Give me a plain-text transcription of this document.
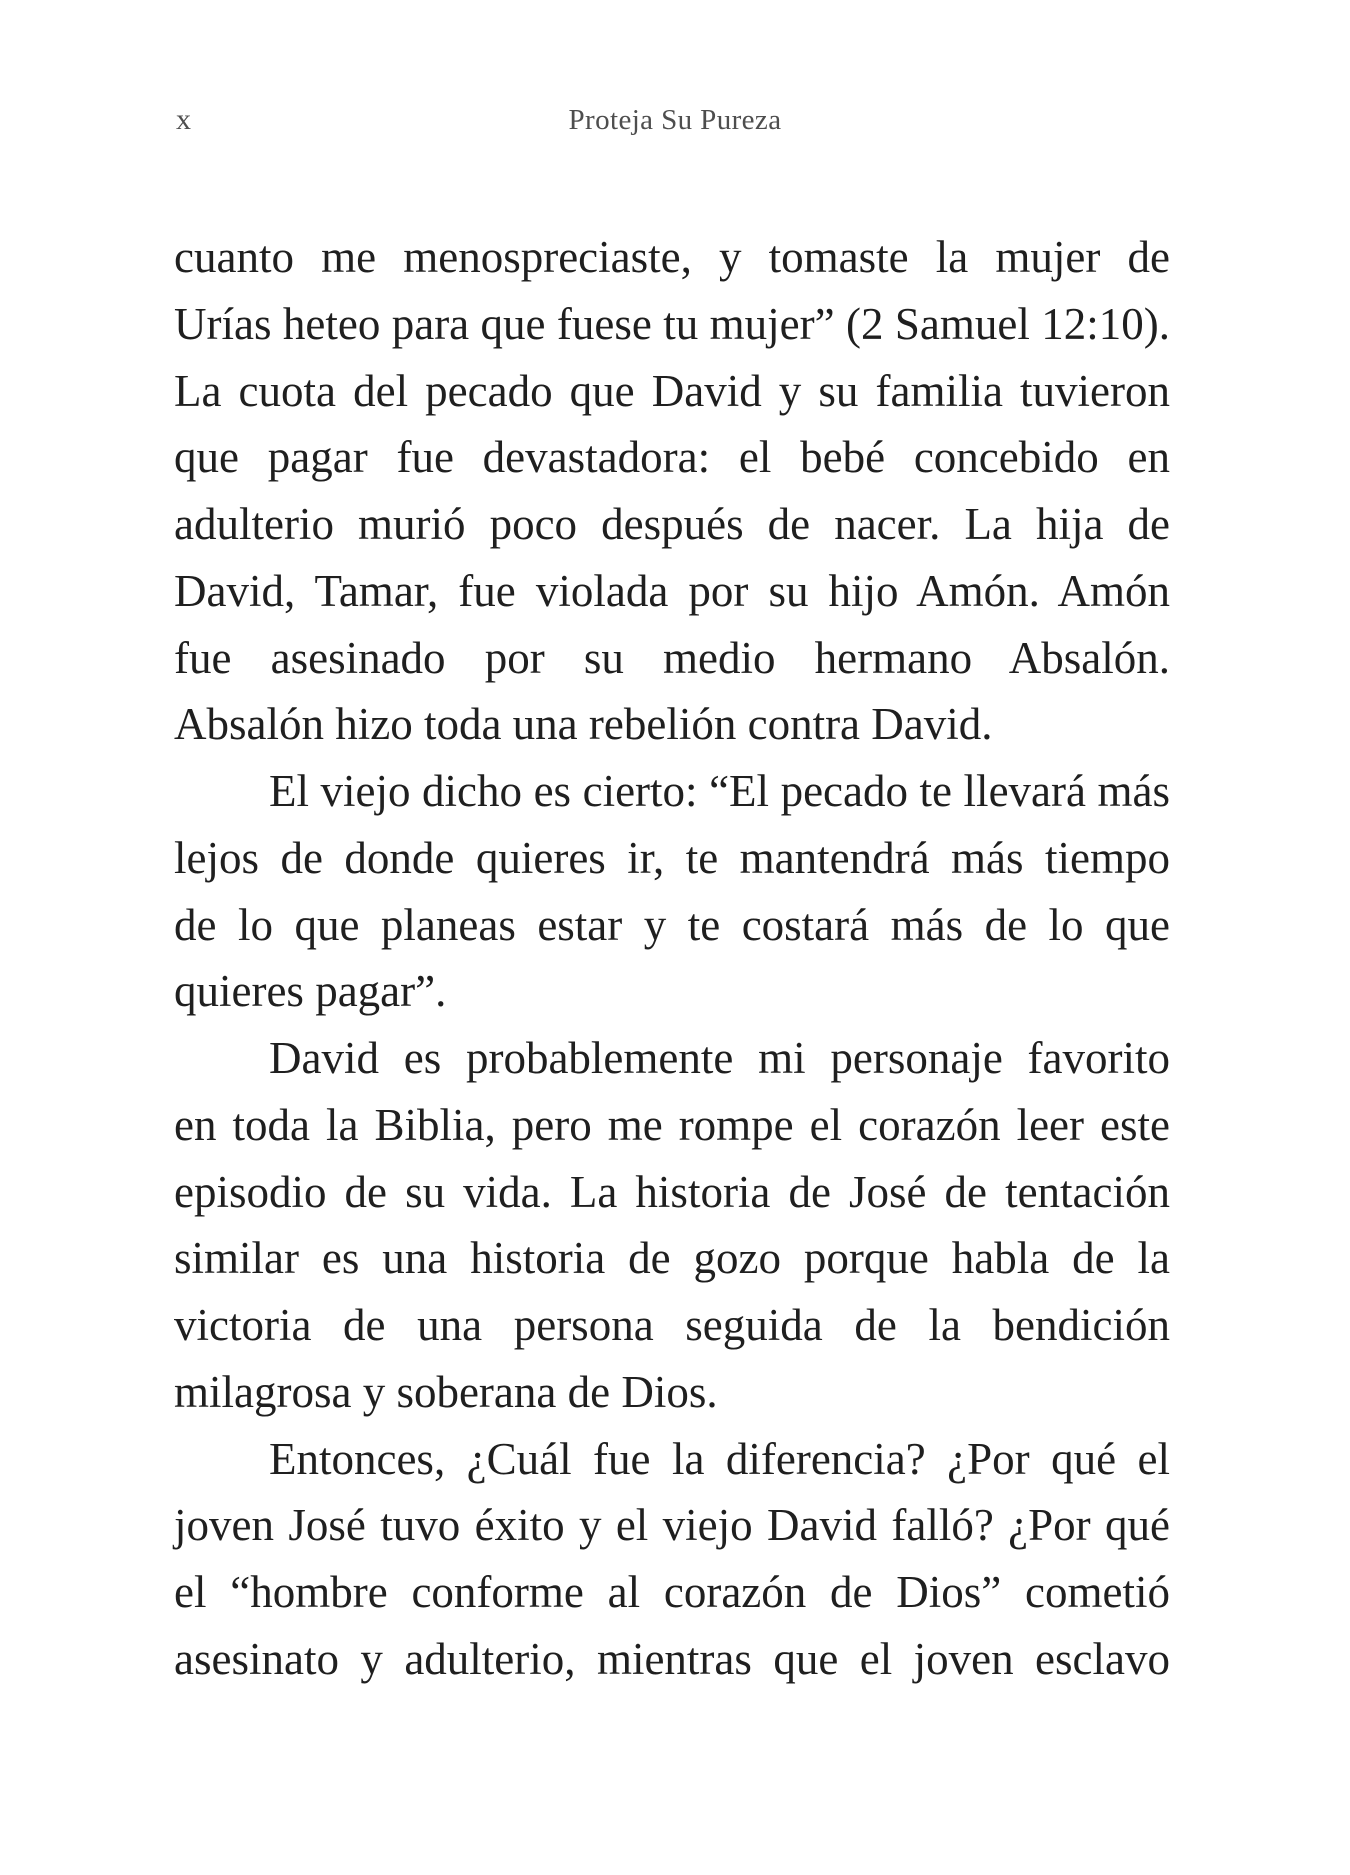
x	Proteja Su Pureza
cuanto me menospreciaste, y tomaste la mujer de
Urías heteo para que fuese tu mujer” (2 Samuel 12:10).
La cuota del pecado que David y su familia tuvieron
que pagar fue devastadora: el bebé concebido en
adulterio murió poco después de nacer. La hija de
David, Tamar, fue violada por su hijo Amón. Amón
fue asesinado por su medio hermano Absalón.
Absalón hizo toda una rebelión contra David.
El viejo dicho es cierto: “El pecado te llevará más
lejos de donde quieres ir, te mantendrá más tiempo
de lo que planeas estar y te costará más de lo que
quieres pagar”.
David es probablemente mi personaje favorito
en toda la Biblia, pero me rompe el corazón leer este
episodio de su vida. La historia de José de tentación
similar es una historia de gozo porque habla de la
victoria de una persona seguida de la bendición
milagrosa y soberana de Dios.
Entonces, ¿Cuál fue la diferencia? ¿Por qué el
joven José tuvo éxito y el viejo David falló? ¿Por qué
el “hombre conforme al corazón de Dios” cometió
asesinato y adulterio, mientras que el joven esclavo
